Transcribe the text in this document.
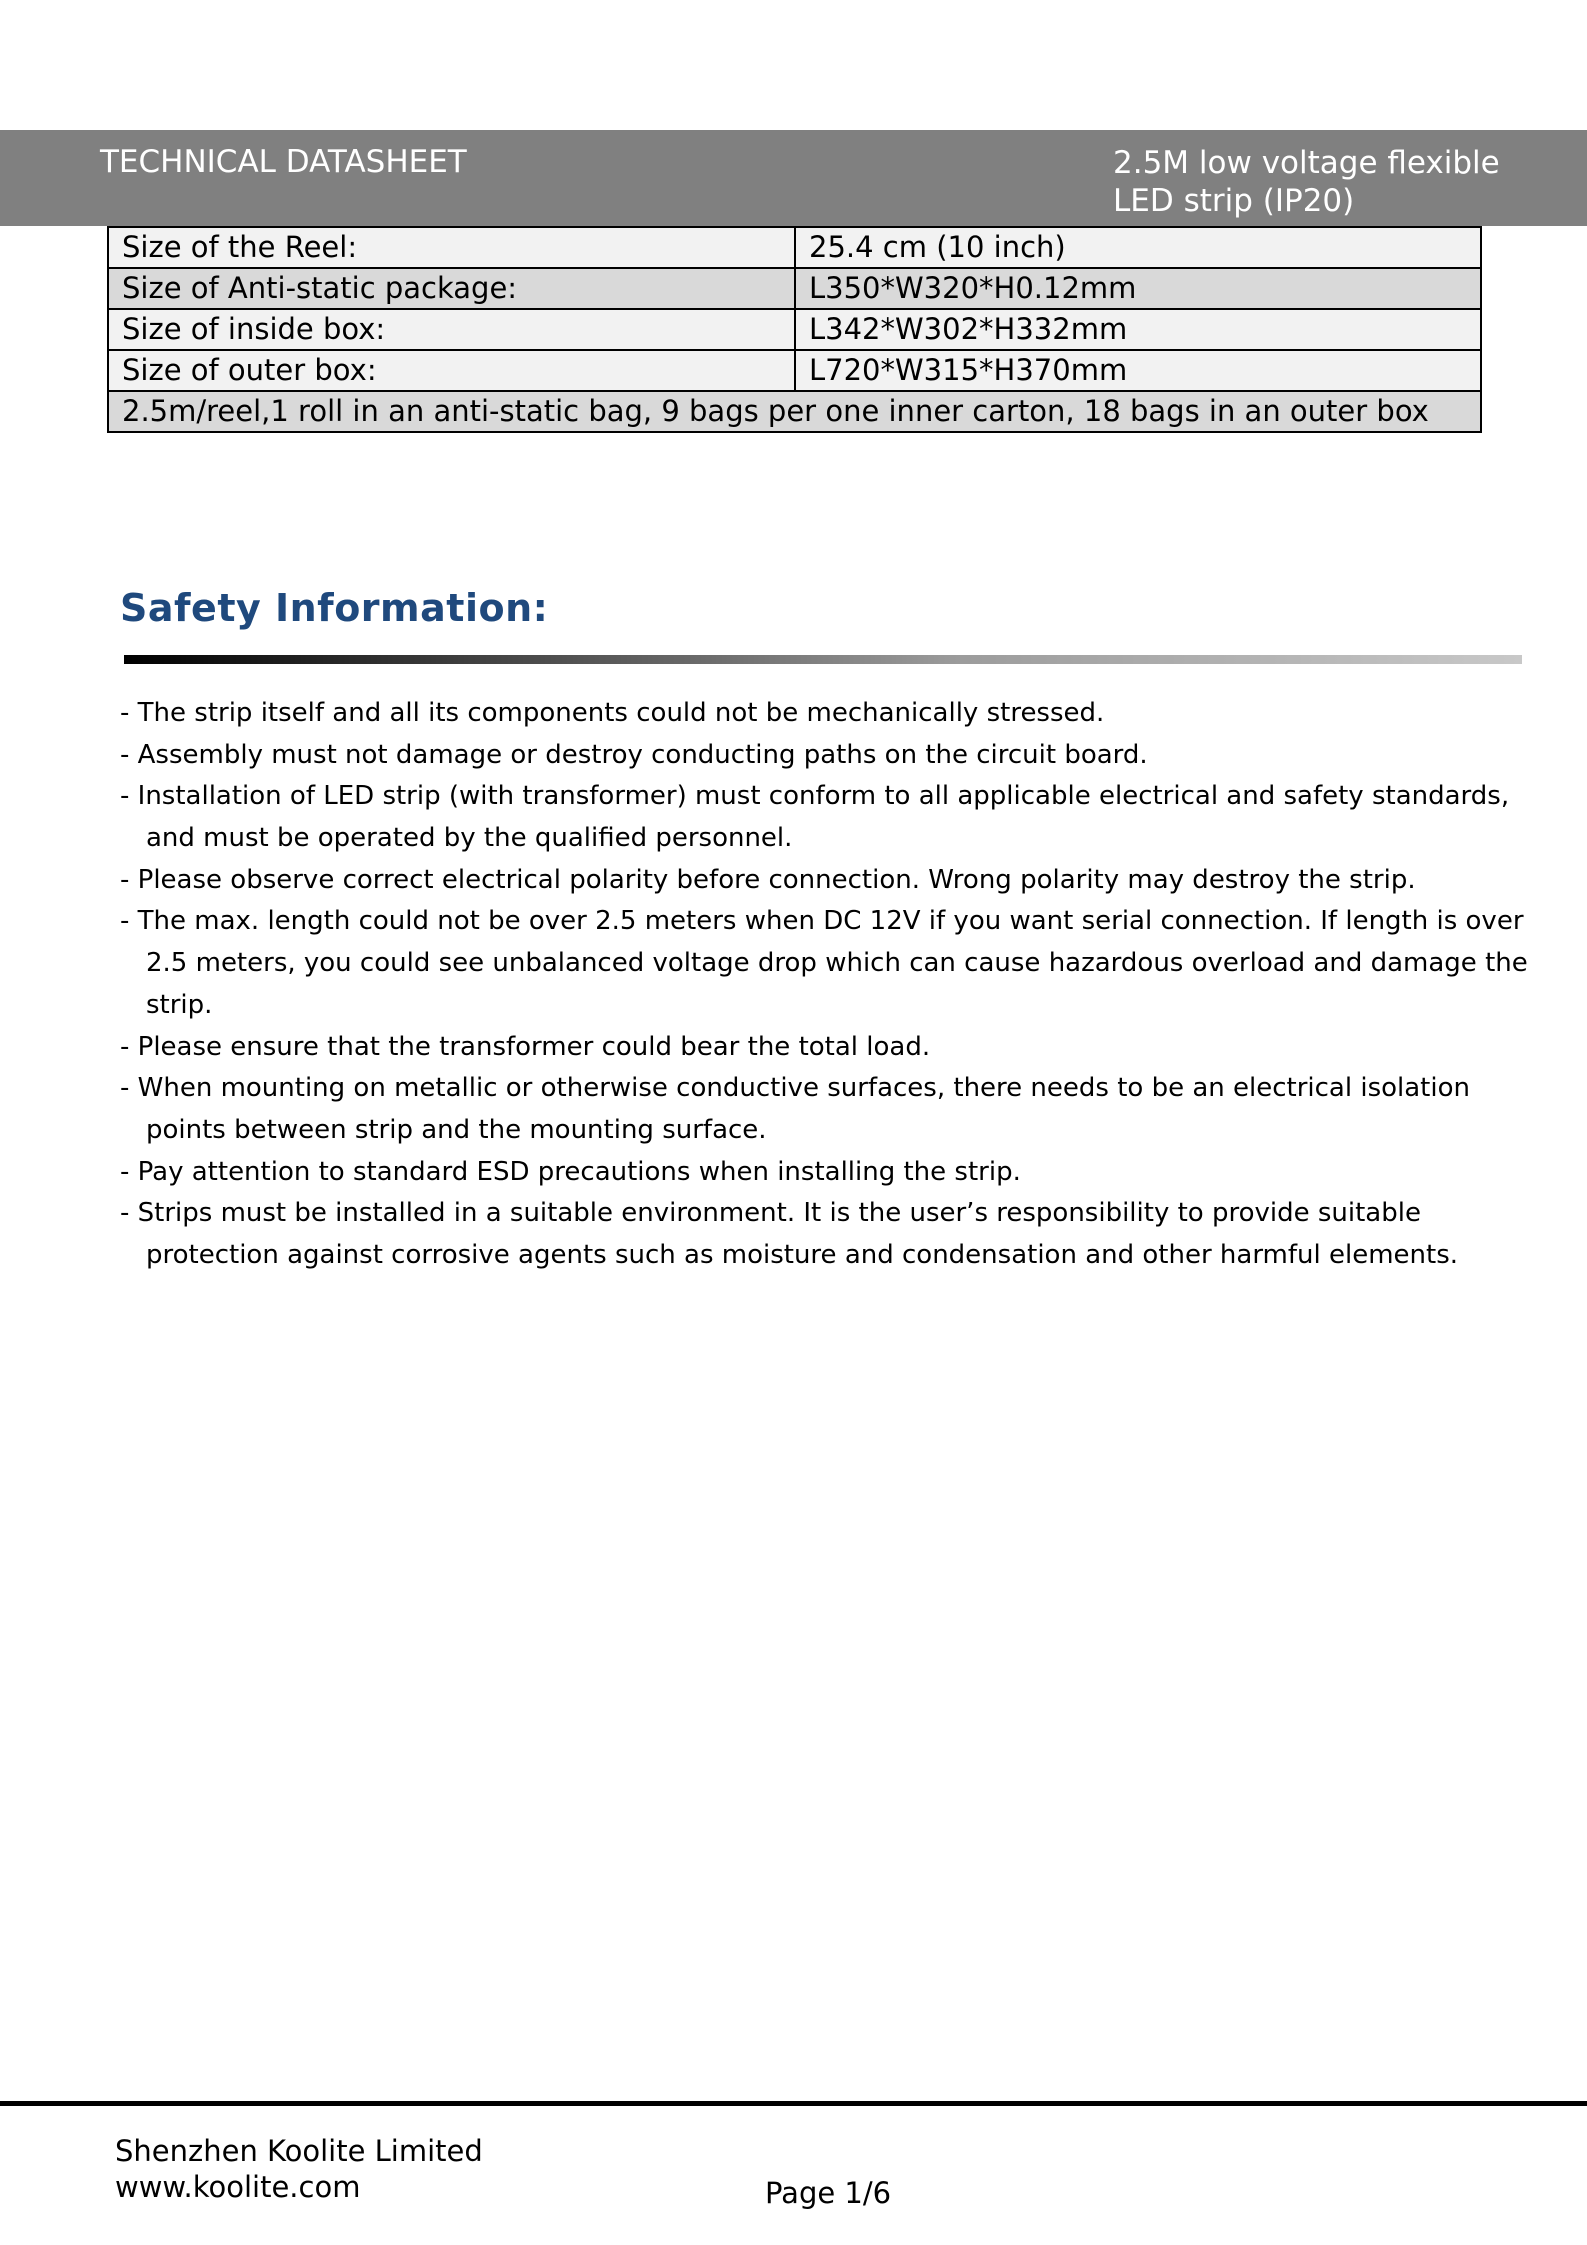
TECHNICAL DATASHEET	2.5M low voltage flexible
LED strip (IP20)
Size of the Reel:	25.4 cm (10 inch)
Size of Anti-static package:	L350*W320*H0.12mm
Size of inside box:	L342*W302*H332mm
Size of outer box:	L720*W315*H370mm
2.5m/reel,1 roll in an anti-static bag, 9 bags per one inner carton, 18 bags in an outer box	
Safety Information:
- The strip itself and all its components could not be mechanically stressed.
- Assembly must not damage or destroy conducting paths on the circuit board.
- Installation of LED strip (with transformer) must conform to all applicable electrical and safety standards,
and must be operated by the qualified personnel.
- Please observe correct electrical polarity before connection. Wrong polarity may destroy the strip.
- The max. length could not be over 2.5 meters when DC 12V if you want serial connection. If length is over
2.5 meters, you could see unbalanced voltage drop which can cause hazardous overload and damage the
strip.
- Please ensure that the transformer could bear the total load.
- When mounting on metallic or otherwise conductive surfaces, there needs to be an electrical isolation
points between strip and the mounting surface.
- Pay attention to standard ESD precautions when installing the strip.
- Strips must be installed in a suitable environment. It is the user’s responsibility to provide suitable
protection against corrosive agents such as moisture and condensation and other harmful elements.
Shenzhen Koolite Limited
www.koolite.com	Page 1/6
